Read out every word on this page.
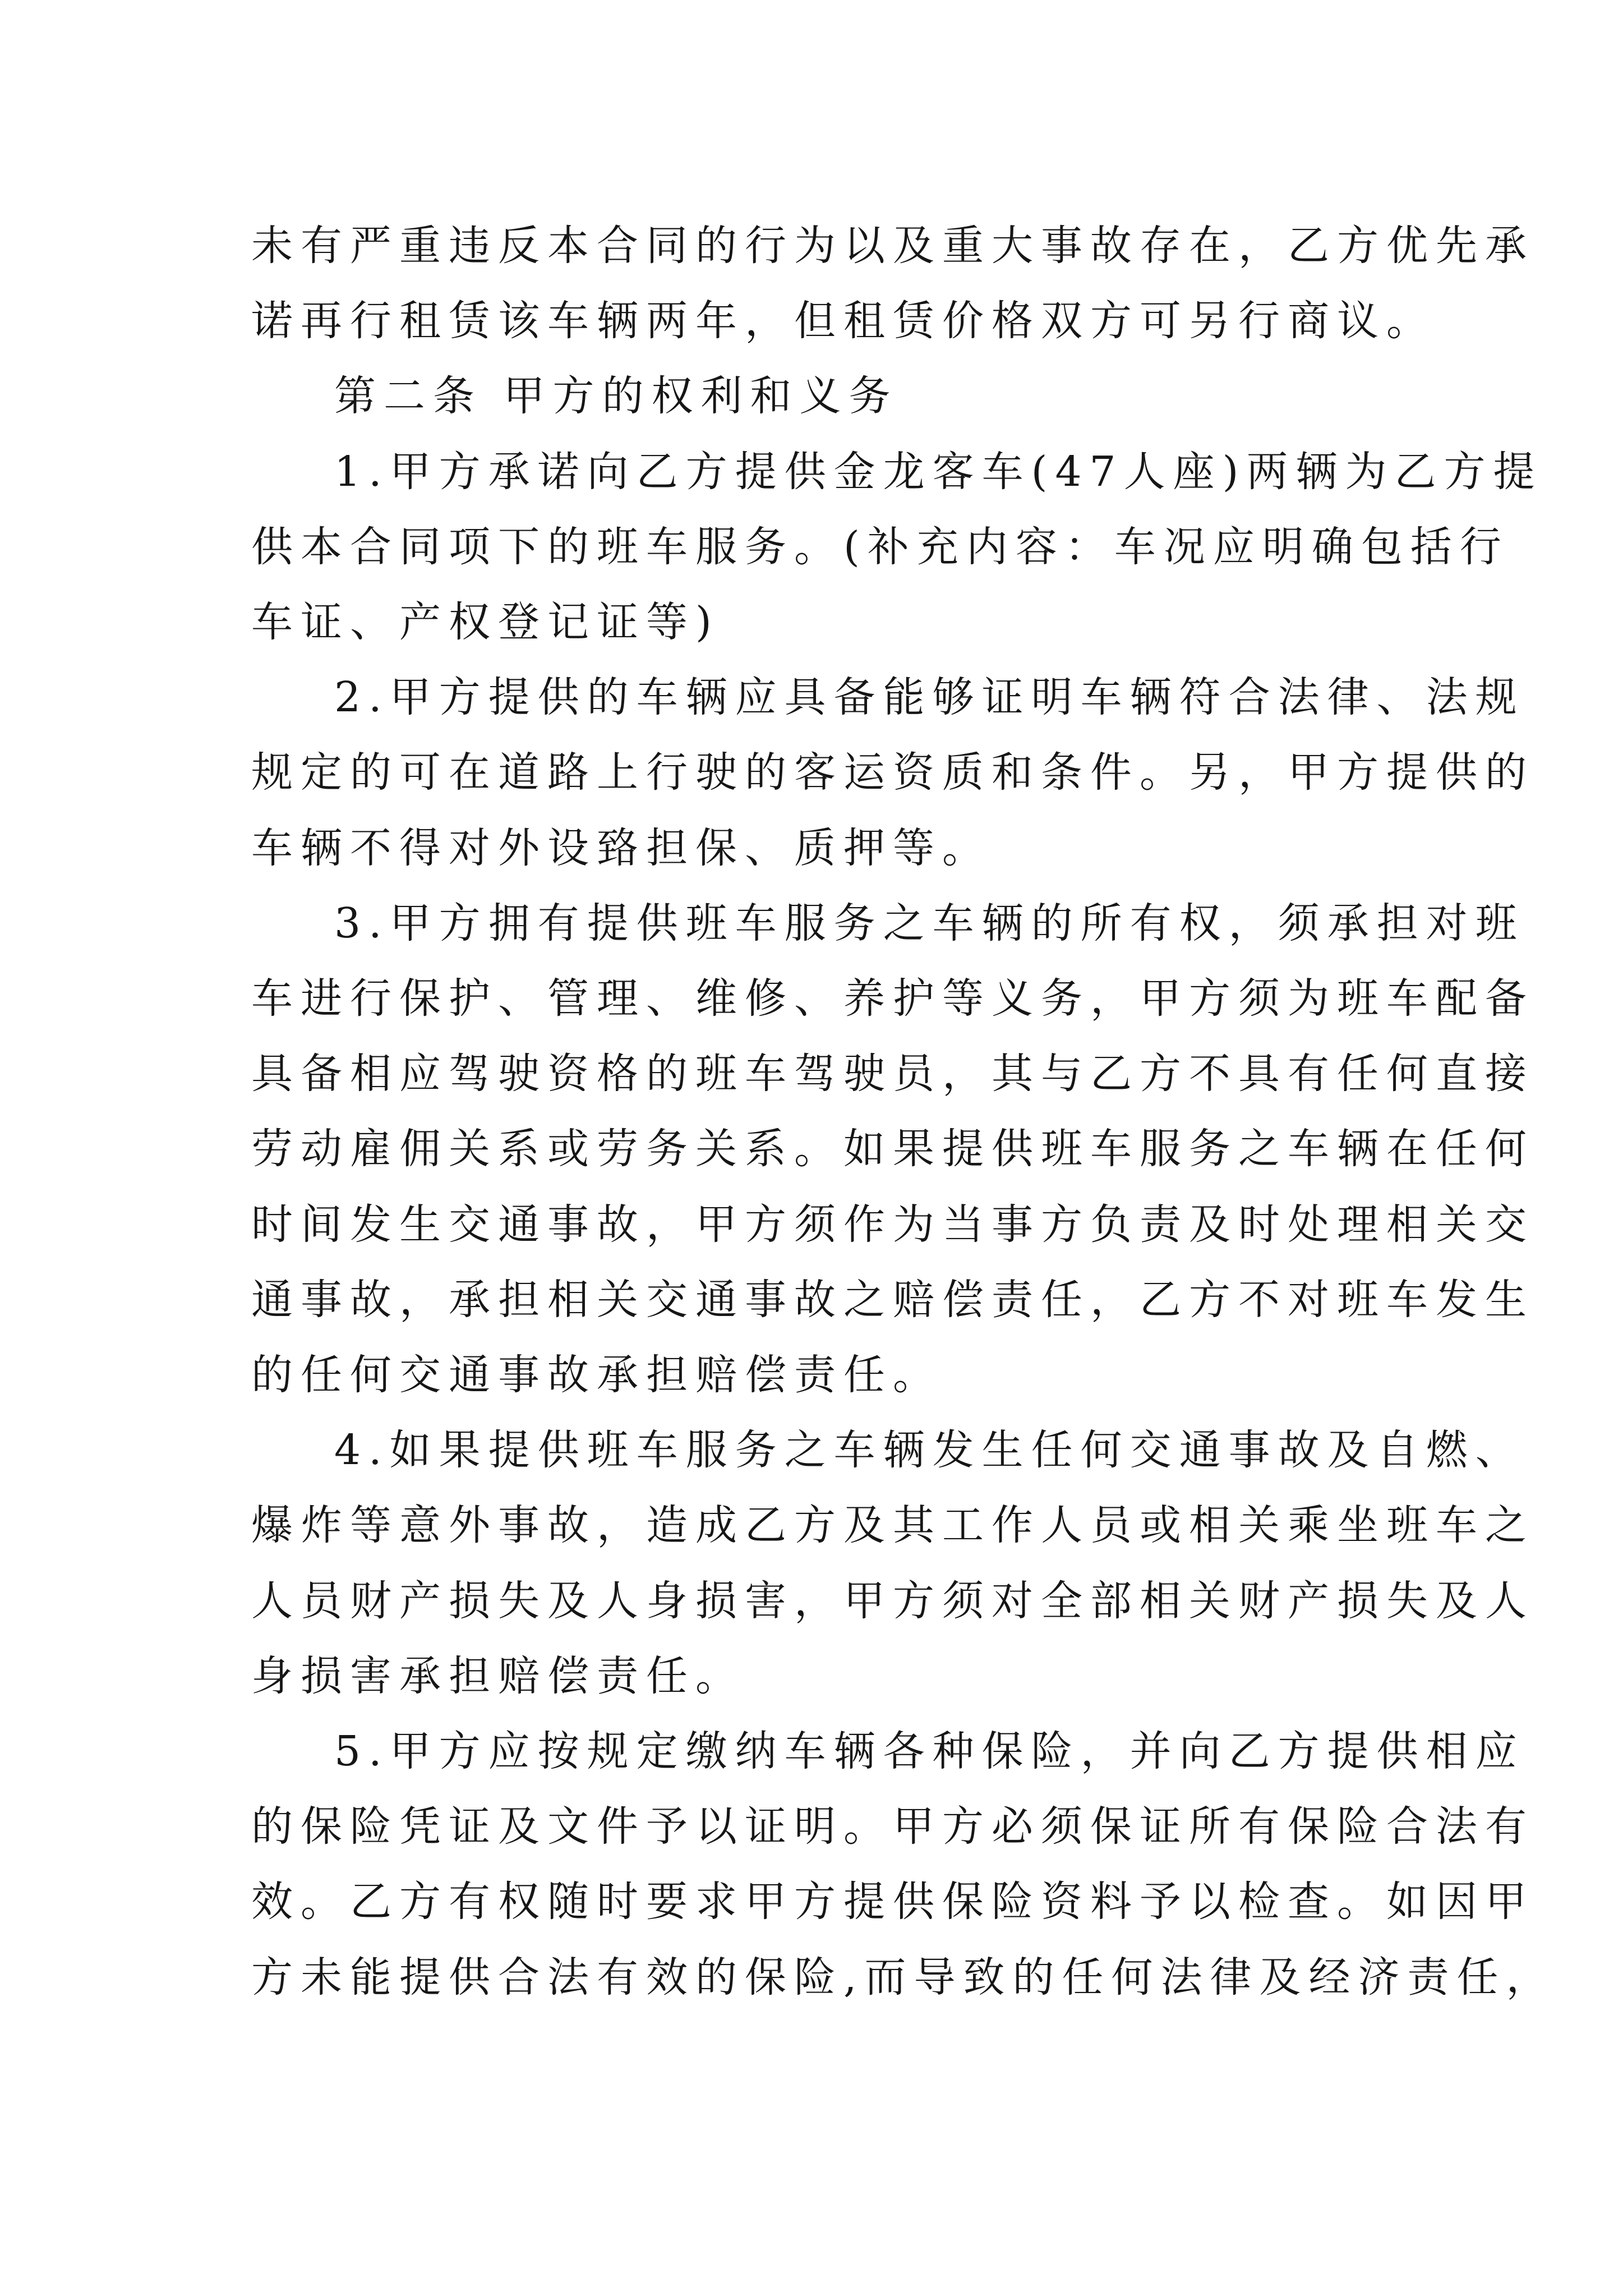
未有严重违反本合同的行为以及重大事故存在，乙方优先承

诺再行租赁该车辆两年，但租赁价格双方可另行商议。

第二条 甲方的权利和义务

1.甲方承诺向乙方提供金龙客车(47人座)两辆为乙方提

供本合同项下的班车服务。(补充内容：车况应明确包括行

车证、产权登记证等)

2.甲方提供的车辆应具备能够证明车辆符合法律、法规

规定的可在道路上行驶的客运资质和条件。另，甲方提供的

车辆不得对外设臵担保、质押等。

3.甲方拥有提供班车服务之车辆的所有权，须承担对班

车进行保护、管理、维修、养护等义务，甲方须为班车配备

具备相应驾驶资格的班车驾驶员，其与乙方不具有任何直接

劳动雇佣关系或劳务关系。如果提供班车服务之车辆在任何

时间发生交通事故，甲方须作为当事方负责及时处理相关交

通事故，承担相关交通事故之赔偿责任，乙方不对班车发生

的任何交通事故承担赔偿责任。

4.如果提供班车服务之车辆发生任何交通事故及自燃、

爆炸等意外事故，造成乙方及其工作人员或相关乘坐班车之

人员财产损失及人身损害，甲方须对全部相关财产损失及人

身损害承担赔偿责任。

5.甲方应按规定缴纳车辆各种保险，并向乙方提供相应

的保险凭证及文件予以证明。甲方必须保证所有保险合法有

效。乙方有权随时要求甲方提供保险资料予以检查。如因甲

方未能提供合法有效的保险,而导致的任何法律及经济责任，
